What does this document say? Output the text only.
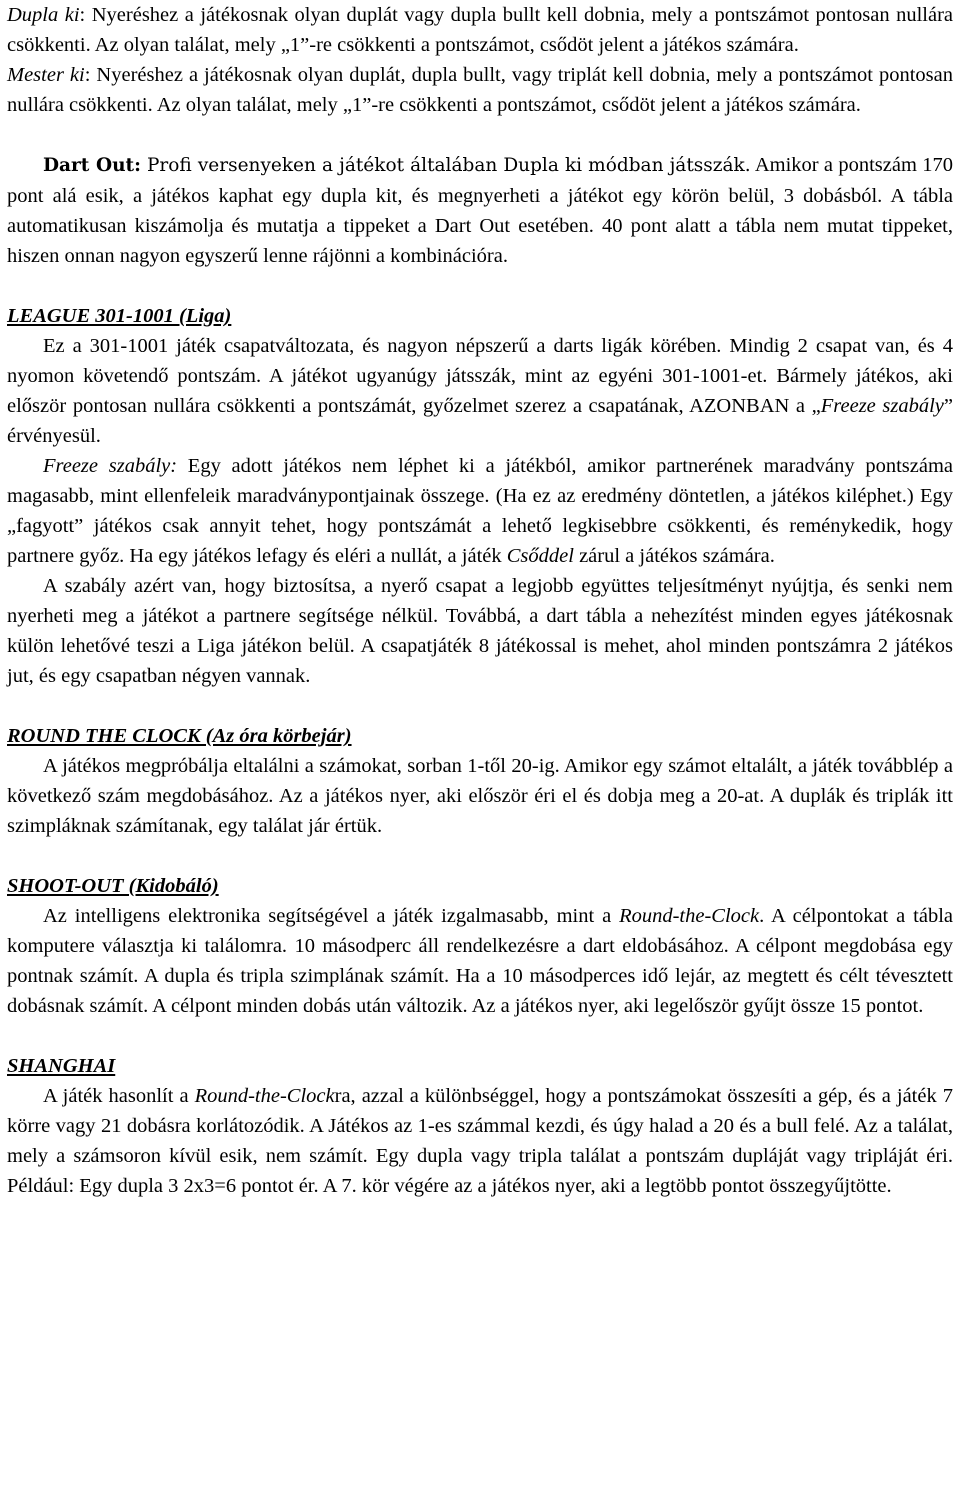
Dupla ki: Nyeréshez a játékosnak olyan duplát vagy dupla bullt kell dobnia, mely a pontszámot pontosan nullára csökkenti. Az olyan találat, mely „1”-re csökkenti a pontszámot, csődöt jelent a játékos számára.

Mester ki: Nyeréshez a játékosnak olyan duplát, dupla bullt, vagy triplát kell dobnia, mely a pontszámot pontosan nullára csökkenti. Az olyan találat, mely „1”-re csökkenti a pontszámot, csődöt jelent a játékos számára.

Dart Out: Profi versenyeken a játékot általában Dupla ki módban játsszák. Amikor a pontszám 170 pont alá esik, a játékos kaphat egy dupla kit, és megnyerheti a játékot egy körön belül, 3 dobásból. A tábla automatikusan kiszámolja és mutatja a tippeket a Dart Out esetében. 40 pont alatt a tábla nem mutat tippeket, hiszen onnan nagyon egyszerű lenne rájönni a kombinációra.

LEAGUE 301-1001 (Liga)

Ez a 301-1001 játék csapatváltozata, és nagyon népszerű a darts ligák körében. Mindig 2 csapat van, és 4 nyomon követendő pontszám. A játékot ugyanúgy játsszák, mint az egyéni 301-1001-et. Bármely játékos, aki először pontosan nullára csökkenti a pontszámát, győzelmet szerez a csapatának, AZONBAN a „Freeze szabály” érvényesül.

Freeze szabály: Egy adott játékos nem léphet ki a játékból, amikor partnerének maradvány pontszáma magasabb, mint ellenfeleik maradványpontjainak összege. (Ha ez az eredmény döntetlen, a játékos kiléphet.) Egy „fagyott” játékos csak annyit tehet, hogy pontszámát a lehető legkisebbre csökkenti, és reménykedik, hogy partnere győz. Ha egy játékos lefagy és eléri a nullát, a játék Csőddel zárul a játékos számára.

A szabály azért van, hogy biztosítsa, a nyerő csapat a legjobb együttes teljesítményt nyújtja, és senki nem nyerheti meg a játékot a partnere segítsége nélkül. Továbbá, a dart tábla a nehezítést minden egyes játékosnak külön lehetővé teszi a Liga játékon belül. A csapatjáték 8 játékossal is mehet, ahol minden pontszámra 2 játékos jut, és egy csapatban négyen vannak.

ROUND THE CLOCK (Az óra körbejár)

A játékos megpróbálja eltalálni a számokat, sorban 1-től 20-ig. Amikor egy számot eltalált, a játék továbblép a következő szám megdobásához. Az a játékos nyer, aki először éri el és dobja meg a 20-at. A duplák és triplák itt szimpláknak számítanak, egy találat jár értük.

SHOOT-OUT (Kidobáló)

Az intelligens elektronika segítségével a játék izgalmasabb, mint a Round-the-Clock. A célpontokat a tábla komputere választja ki találomra. 10 másodperc áll rendelkezésre a dart eldobásához. A célpont megdobása egy pontnak számít. A dupla és tripla szimplának számít. Ha a 10 másodperces idő lejár, az megtett és célt tévesztett dobásnak számít. A célpont minden dobás után változik. Az a játékos nyer, aki legelőször gyűjt össze 15 pontot.

SHANGHAI

A játék hasonlít a Round-the-Clockra, azzal a különbséggel, hogy a pontszámokat összesíti a gép, és a játék 7 körre vagy 21 dobásra korlátozódik. A Játékos az 1-es számmal kezdi, és úgy halad a 20 és a bull felé. Az a találat, mely a számsoron kívül esik, nem számít. Egy dupla vagy tripla találat a pontszám dupláját vagy tripláját éri. Például: Egy dupla 3 2x3=6 pontot ér. A 7. kör végére az a játékos nyer, aki a legtöbb pontot összegyűjtötte.
